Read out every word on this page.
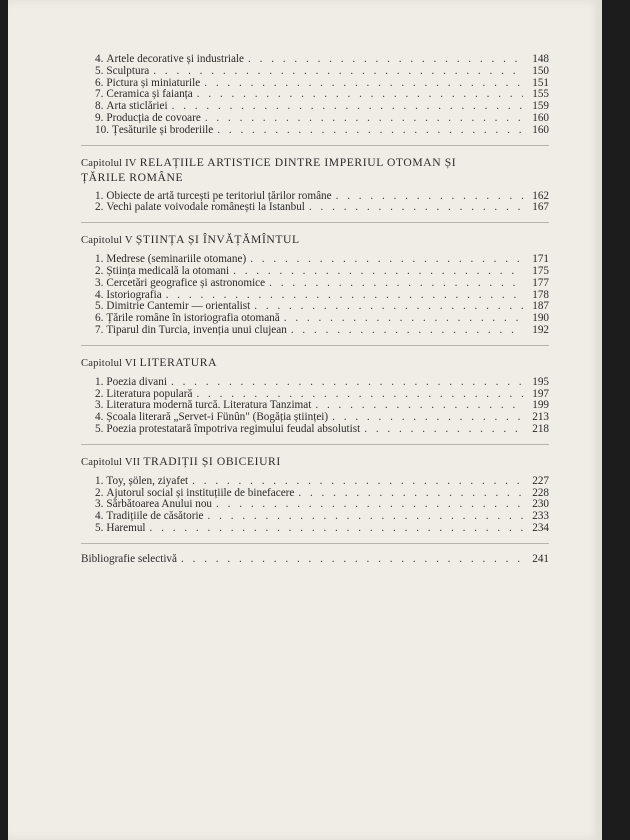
4. Artele decorative și industriale . . .	148
5. Sculptura . . .	150
6. Pictura și miniaturile . . .	151
7. Ceramica și faianța . . .	155
8. Arta sticlăriei . . .	159
9. Producția de covoare . . .	160
10. Țesăturile și broderiile . . .	160
Capitolul IV RELAȚIILE ARTISTICE DINTRE IMPERIUL OTOMAN ȘI
ȚĂRILE ROMÂNE
1. Obiecte de artă turcești pe teritoriul țărilor române . . .	162
2. Vechi palate voivodale românești la Istanbul . . .	167
Capitolul V ȘTIINȚA ȘI ÎNVĂȚĂMÎNTUL
1. Medrese (seminariile otomane) . . .	171
2. Știința medicală la otomani . . .	175
3. Cercetări geografice și astronomice . . .	177
4. Istoriografia . . .	178
5. Dimitrie Cantemir — orientalist . . .	187
6. Țările române în istoriografia otomană . . .	190
7. Tiparul din Turcia, invenția unui clujean . . .	192
Capitolul VI LITERATURA
1. Poezia divani . . .	195
2. Literatura populară . . .	197
3. Literatura modernă turcă. Literatura Tanzimat . . .	199
4. Școala literară „Servet-i Fünûn" (Bogăția științei) . . .	213
5. Poezia protestatară împotriva regimului feudal absolutist . . .	218
Capitolul VII TRADIȚII ȘI OBICEIURI
1. Toy, șölen, ziyafet . . .	227
2. Ajutorul social și instituțiile de binefacere . . .	228
3. Sărbătoarea Anului nou . . .	230
4. Tradițiile de căsătorie . . .	233
5. Haremul . . .	234
Bibliografie selectivă . . .	241
